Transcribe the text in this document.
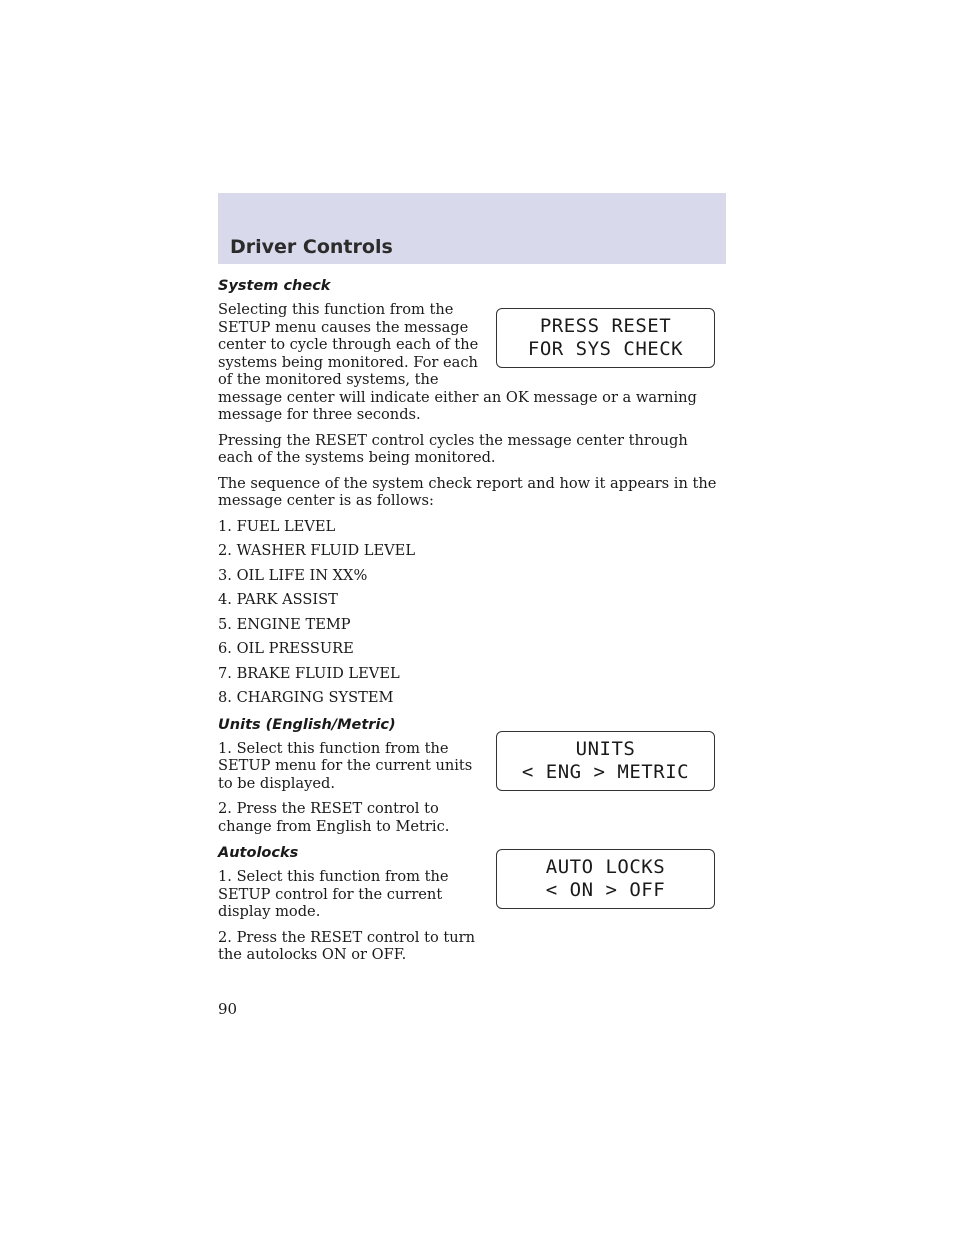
Driver Controls
System check

Selecting this function from the SETUP menu causes the message center to cycle through each of the systems being monitored. For each of the monitored systems, the

message center will indicate either an OK message or a warning message for three seconds.

Pressing the RESET control cycles the message center through each of the systems being monitored.

The sequence of the system check report and how it appears in the message center is as follows:

1. FUEL LEVEL
2. WASHER FLUID LEVEL
3. OIL LIFE IN XX%
4. PARK ASSIST
5. ENGINE TEMP
6. OIL PRESSURE
7. BRAKE FLUID LEVEL
8. CHARGING SYSTEM
Units (English/Metric)

1. Select this function from the SETUP menu for the current units to be displayed.

2. Press the RESET control to change from English to Metric.

Autolocks

1. Select this function from the SETUP control for the current display mode.

2. Press the RESET control to turn the autolocks ON or OFF.

PRESS RESET
FOR SYS CHECK
UNITS
< ENG > METRIC
AUTO LOCKS
< ON > OFF
90
